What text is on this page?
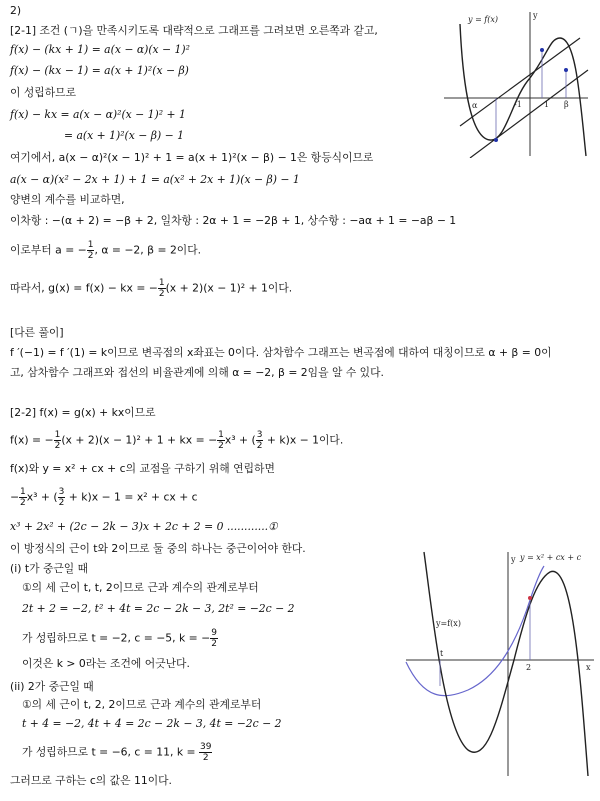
2)
[2-1] 조건 (ㄱ)을 만족시키도록 대략적으로 그래프를 그려보면 오른쪽과 같고,
f(x) − (kx + 1) = a(x − α)(x − 1)²
f(x) − (kx − 1) = a(x + 1)²(x − β)
이 성립하므로
f(x) − kx = a(x − α)²(x − 1)² + 1
= a(x + 1)²(x − β) − 1
여기에서, a(x − α)²(x − 1)² + 1 = a(x + 1)²(x − β) − 1은 항등식이므로
a(x − α)(x² − 2x + 1) + 1 = a(x² + 2x + 1)(x − β) − 1
양변의 계수를 비교하면,
이차항 : −(α + 2) = −β + 2, 일차항 : 2α + 1 = −2β + 1, 상수항 : −aα + 1 = −aβ − 1
이로부터 a = − $\frac{1}{2}$ , α = −2, β = 2이다.
따라서, g(x) = f(x) − kx = − $\frac{1}{2} (x + 2)(x - 1)^2 + 1$이다.
[다른 풀이]
f ′(−1) = f ′(1) = k이므로 변곡점의 x좌표는 0이다. 삼차함수 그래프는 변곡점에 대하여 대칭이므로 α + β = 0이
고, 삼차함수 그래프와 접선의 비율관계에 의해 α = −2, β = 2임을 알 수 있다.
[2-2] f(x) = g(x) + kx이므로
f(x) = − $\frac{1}{2} (x + 2)(x - 1)^2 + 1$ + kx = − $\frac{1}{2} x^3$ + ( $\frac{3}{2} + k)x - 1$이다.
f(x)와 y = x² + cx + c의 교점을 구하기 위해 연립하면
− $\frac{1}{2} x^3$ + ( $\frac{3}{2} + k)x - 1 = x^2$ + cx + c
x³ + 2x² + (2c − 2k − 3)x + 2c + 2 = 0 ............①
이 방정식의 근이 t와 2이므로 둘 중의 하나는 중근이어야 한다.
(i) t가 중근일 때
①의 세 근이 t, t, 2이므로 근과 계수의 관계로부터
2t + 2 = −2, t² + 4t = 2c − 2k − 3, 2t² = −2c − 2
가 성립하므로 t = −2, c = −5, k = − $\frac{9}{2}$
이것은 k > 0라는 조건에 어긋난다.
(ii) 2가 중근일 때
①의 세 근이 t, 2, 2이므로 근과 계수의 관계로부터
t + 4 = −2, 4t + 4 = 2c − 2k − 3, 4t = −2c − 2
가 성립하므로 t = −6, c = 11, $k = \frac{39}{2}$
그러므로 구하는 c의 값은 11이다.
y = f(x)	y
α	-1	1 β
y = x² + cx + c
y=f(x)
y
x
t
2
